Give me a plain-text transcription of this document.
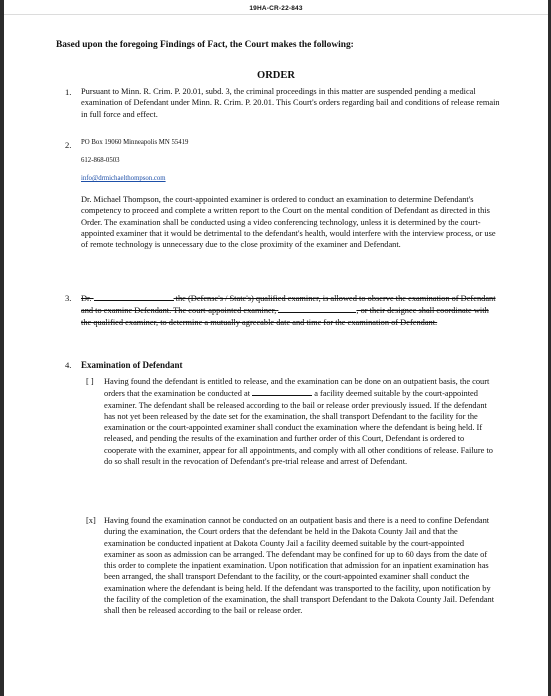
19HA-CR-22-843
Based upon the foregoing Findings of Fact, the Court makes the following:
ORDER
1. Pursuant to Minn. R. Crim. P. 20.01, subd. 3, the criminal proceedings in this matter are suspended pending a medical examination of Defendant under Minn. R. Crim. P. 20.01. This Court's orders regarding bail and conditions of release remain in full force and effect.
2. PO Box 19060 Minneapolis MN 55419
612-868-0503
info@drmichaelthompson.com
Dr. Michael Thompson, the court-appointed examiner is ordered to conduct an examination to determine Defendant's competency to proceed and complete a written report to the Court on the mental condition of Defendant as directed in this Order. The examination shall be conducted using a video conferencing technology, unless it is determined by the court-appointed examiner that it would be detrimental to the defendant's health, would interfere with the interview process, or use of remote technology is unnecessary due to the close proximity of the examiner and Defendant.
3. Dr.	the (Defense's / State's) qualified examiner, is allowed to observe the examination of Defendant and to examine Defendant. The court-appointed examiner,	, or their designee shall coordinate with the qualified examiner, to determine a mutually agreeable date and time for the examination of Defendant.
4. Examination of Defendant
[ ] Having found the defendant is entitled to release, and the examination can be done on an outpatient basis, the court orders that the examination be conducted at	a facility deemed suitable by the court-appointed examiner. The defendant shall be released according to the bail or release order previously issued. If the defendant has not yet been released by the date set for the examination, the shall transport Defendant to the facility for the examination or the court-appointed examiner shall conduct the examination where the defendant is being held. If released, and pending the results of the examination and further order of this Court, Defendant is ordered to cooperate with the examiner, appear for all appointments, and comply with all other conditions of release. Failure to do so shall result in the revocation of Defendant's pre-trial release and arrest of Defendant.
[x] Having found the examination cannot be conducted on an outpatient basis and there is a need to confine Defendant during the examination, the Court orders that the defendant be held in the Dakota County Jail and that the examination be conducted inpatient at Dakota County Jail a facility deemed suitable by the court-appointed examiner as soon as admission can be arranged. The defendant may be confined for up to 60 days from the date of this order to complete the inpatient examination. Upon notification that admission for an inpatient examination has been arranged, the shall transport Defendant to the facility, or the court-appointed examiner shall conduct the examination where the defendant is being held. If the defendant was transported to the facility, upon notification by the facility of the completion of the examination, the shall transport Defendant to the Dakota County Jail. Defendant shall then be released according to the bail or release order.
